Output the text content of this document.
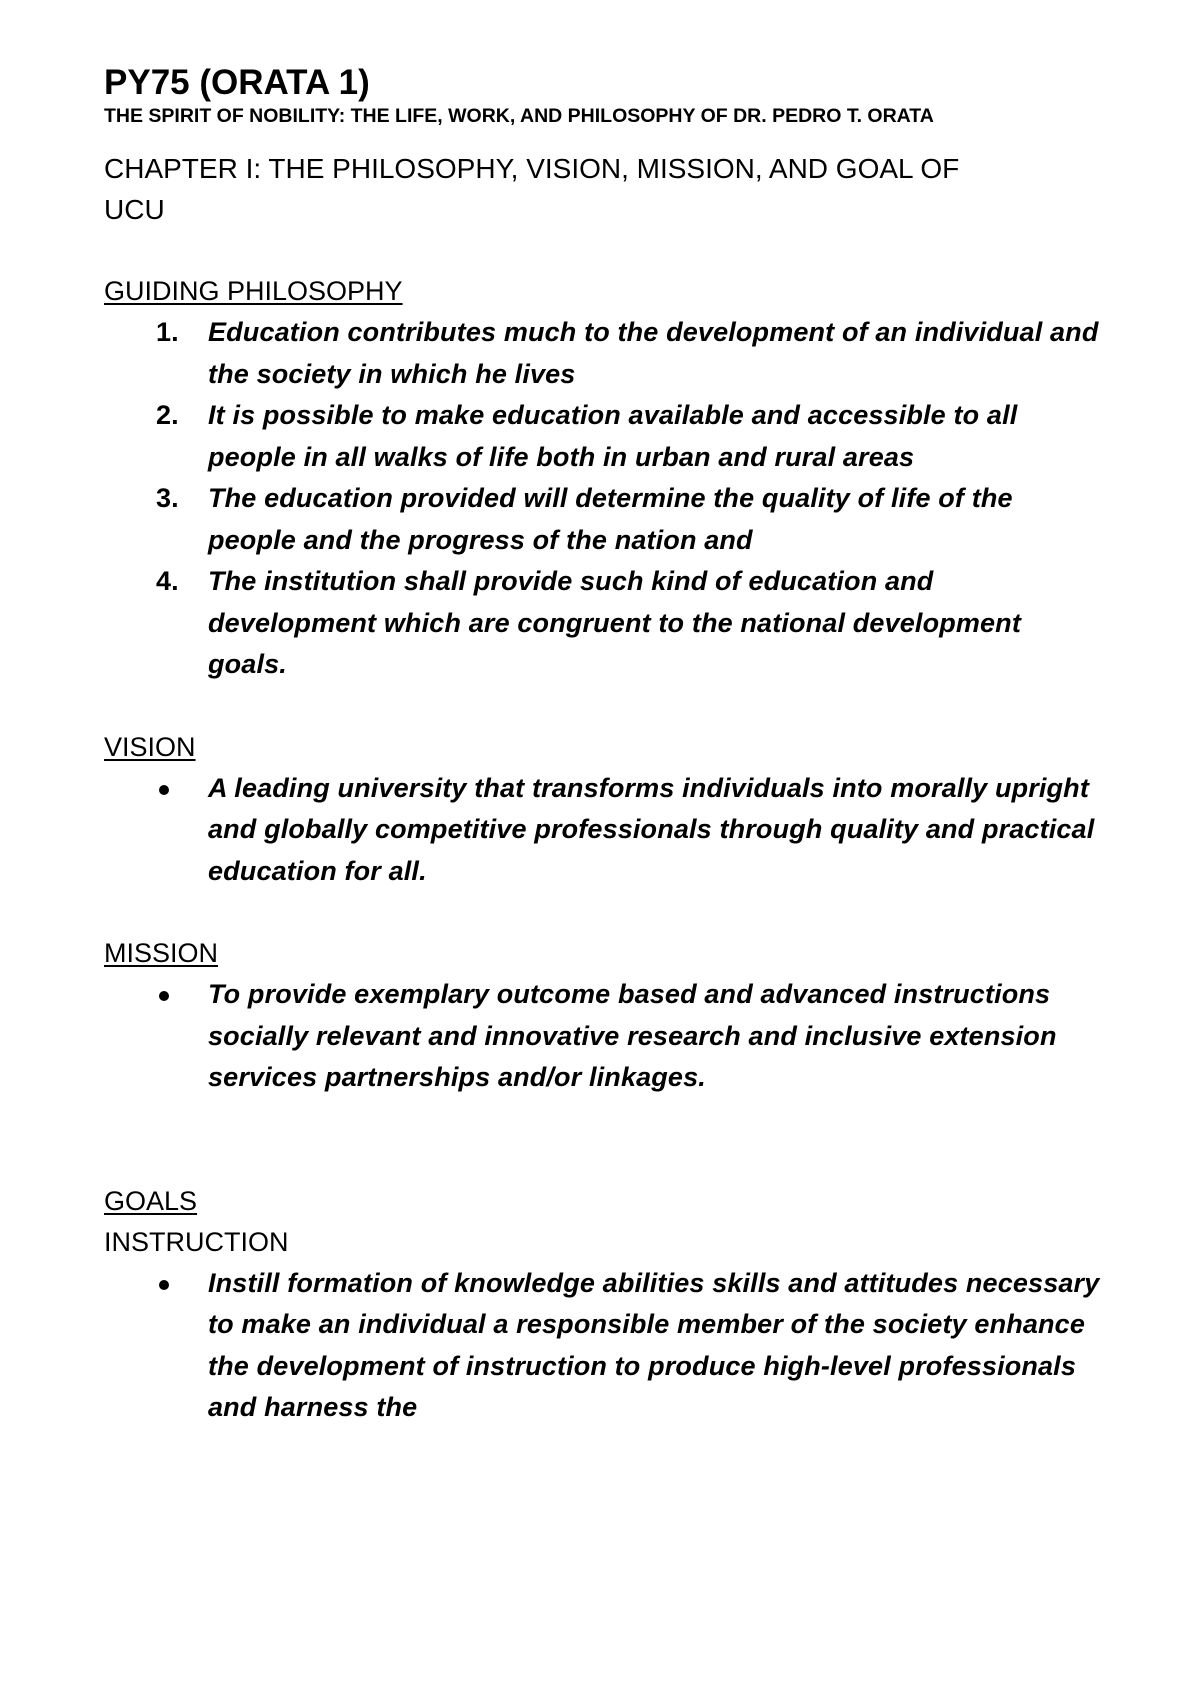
PY75 (ORATA 1)
THE SPIRIT OF NOBILITY: THE LIFE, WORK, AND PHILOSOPHY OF DR. PEDRO T. ORATA
CHAPTER I: THE PHILOSOPHY, VISION, MISSION, AND GOAL OF
UCU
GUIDING PHILOSOPHY
1. Education contributes much to the development of an individual and the society in which he lives
2. It is possible to make education available and accessible to all people in all walks of life both in urban and rural areas
3. The education provided will determine the quality of life of the people and the progress of the nation and
4. The institution shall provide such kind of education and development which are congruent to the national development goals.
VISION
A leading university that transforms individuals into morally upright and globally competitive professionals through quality and practical education for all.
MISSION
To provide exemplary outcome based and advanced instructions socially relevant and innovative research and inclusive extension services partnerships and/or linkages.
GOALS
INSTRUCTION
Instill formation of knowledge abilities skills and attitudes necessary to make an individual a responsible member of the society enhance the development of instruction to produce high-level professionals and harness the
